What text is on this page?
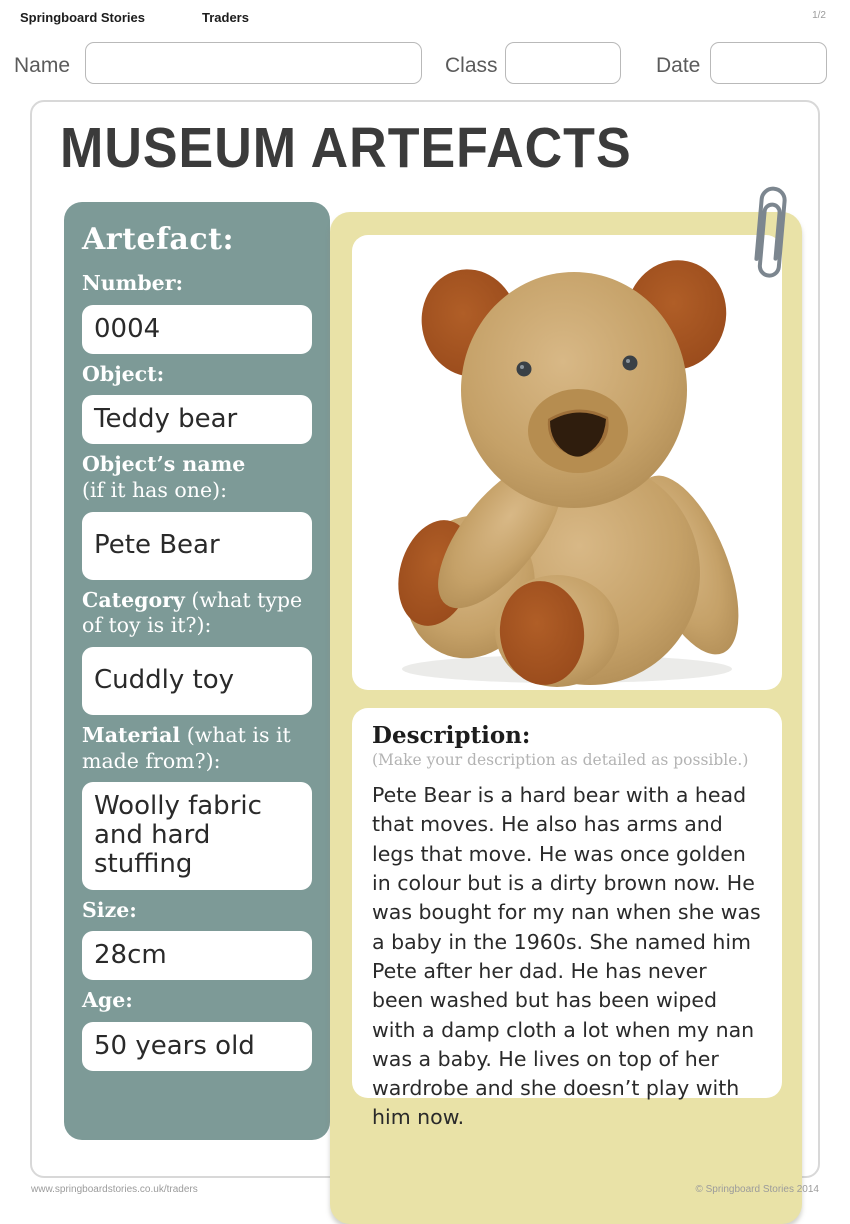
Springboard Stories	Traders	1/2
Name	Class	Date
MUSEUM ARTEFACTS
Artefact:
Number:
0004
Object:
Teddy bear
Object’s name
(if it has one):
Pete Bear
Category (what type of toy is it?):
Cuddly toy
Material (what is it made from?):
Woolly fabric and hard stuffing
Size:
28cm
Age:
50 years old
Description:
(Make your description as detailed as possible.)
Pete Bear is a hard bear with a head that moves. He also has arms and legs that move. He was once golden in colour but is a dirty brown now. He was bought for my nan when she was a baby in the 1960s. She named him Pete after her dad. He has never been washed but has been wiped with a damp cloth a lot when my nan was a baby. He lives on top of her wardrobe and she doesn’t play with him now.
www.springboardstories.co.uk/traders	© Springboard Stories 2014
